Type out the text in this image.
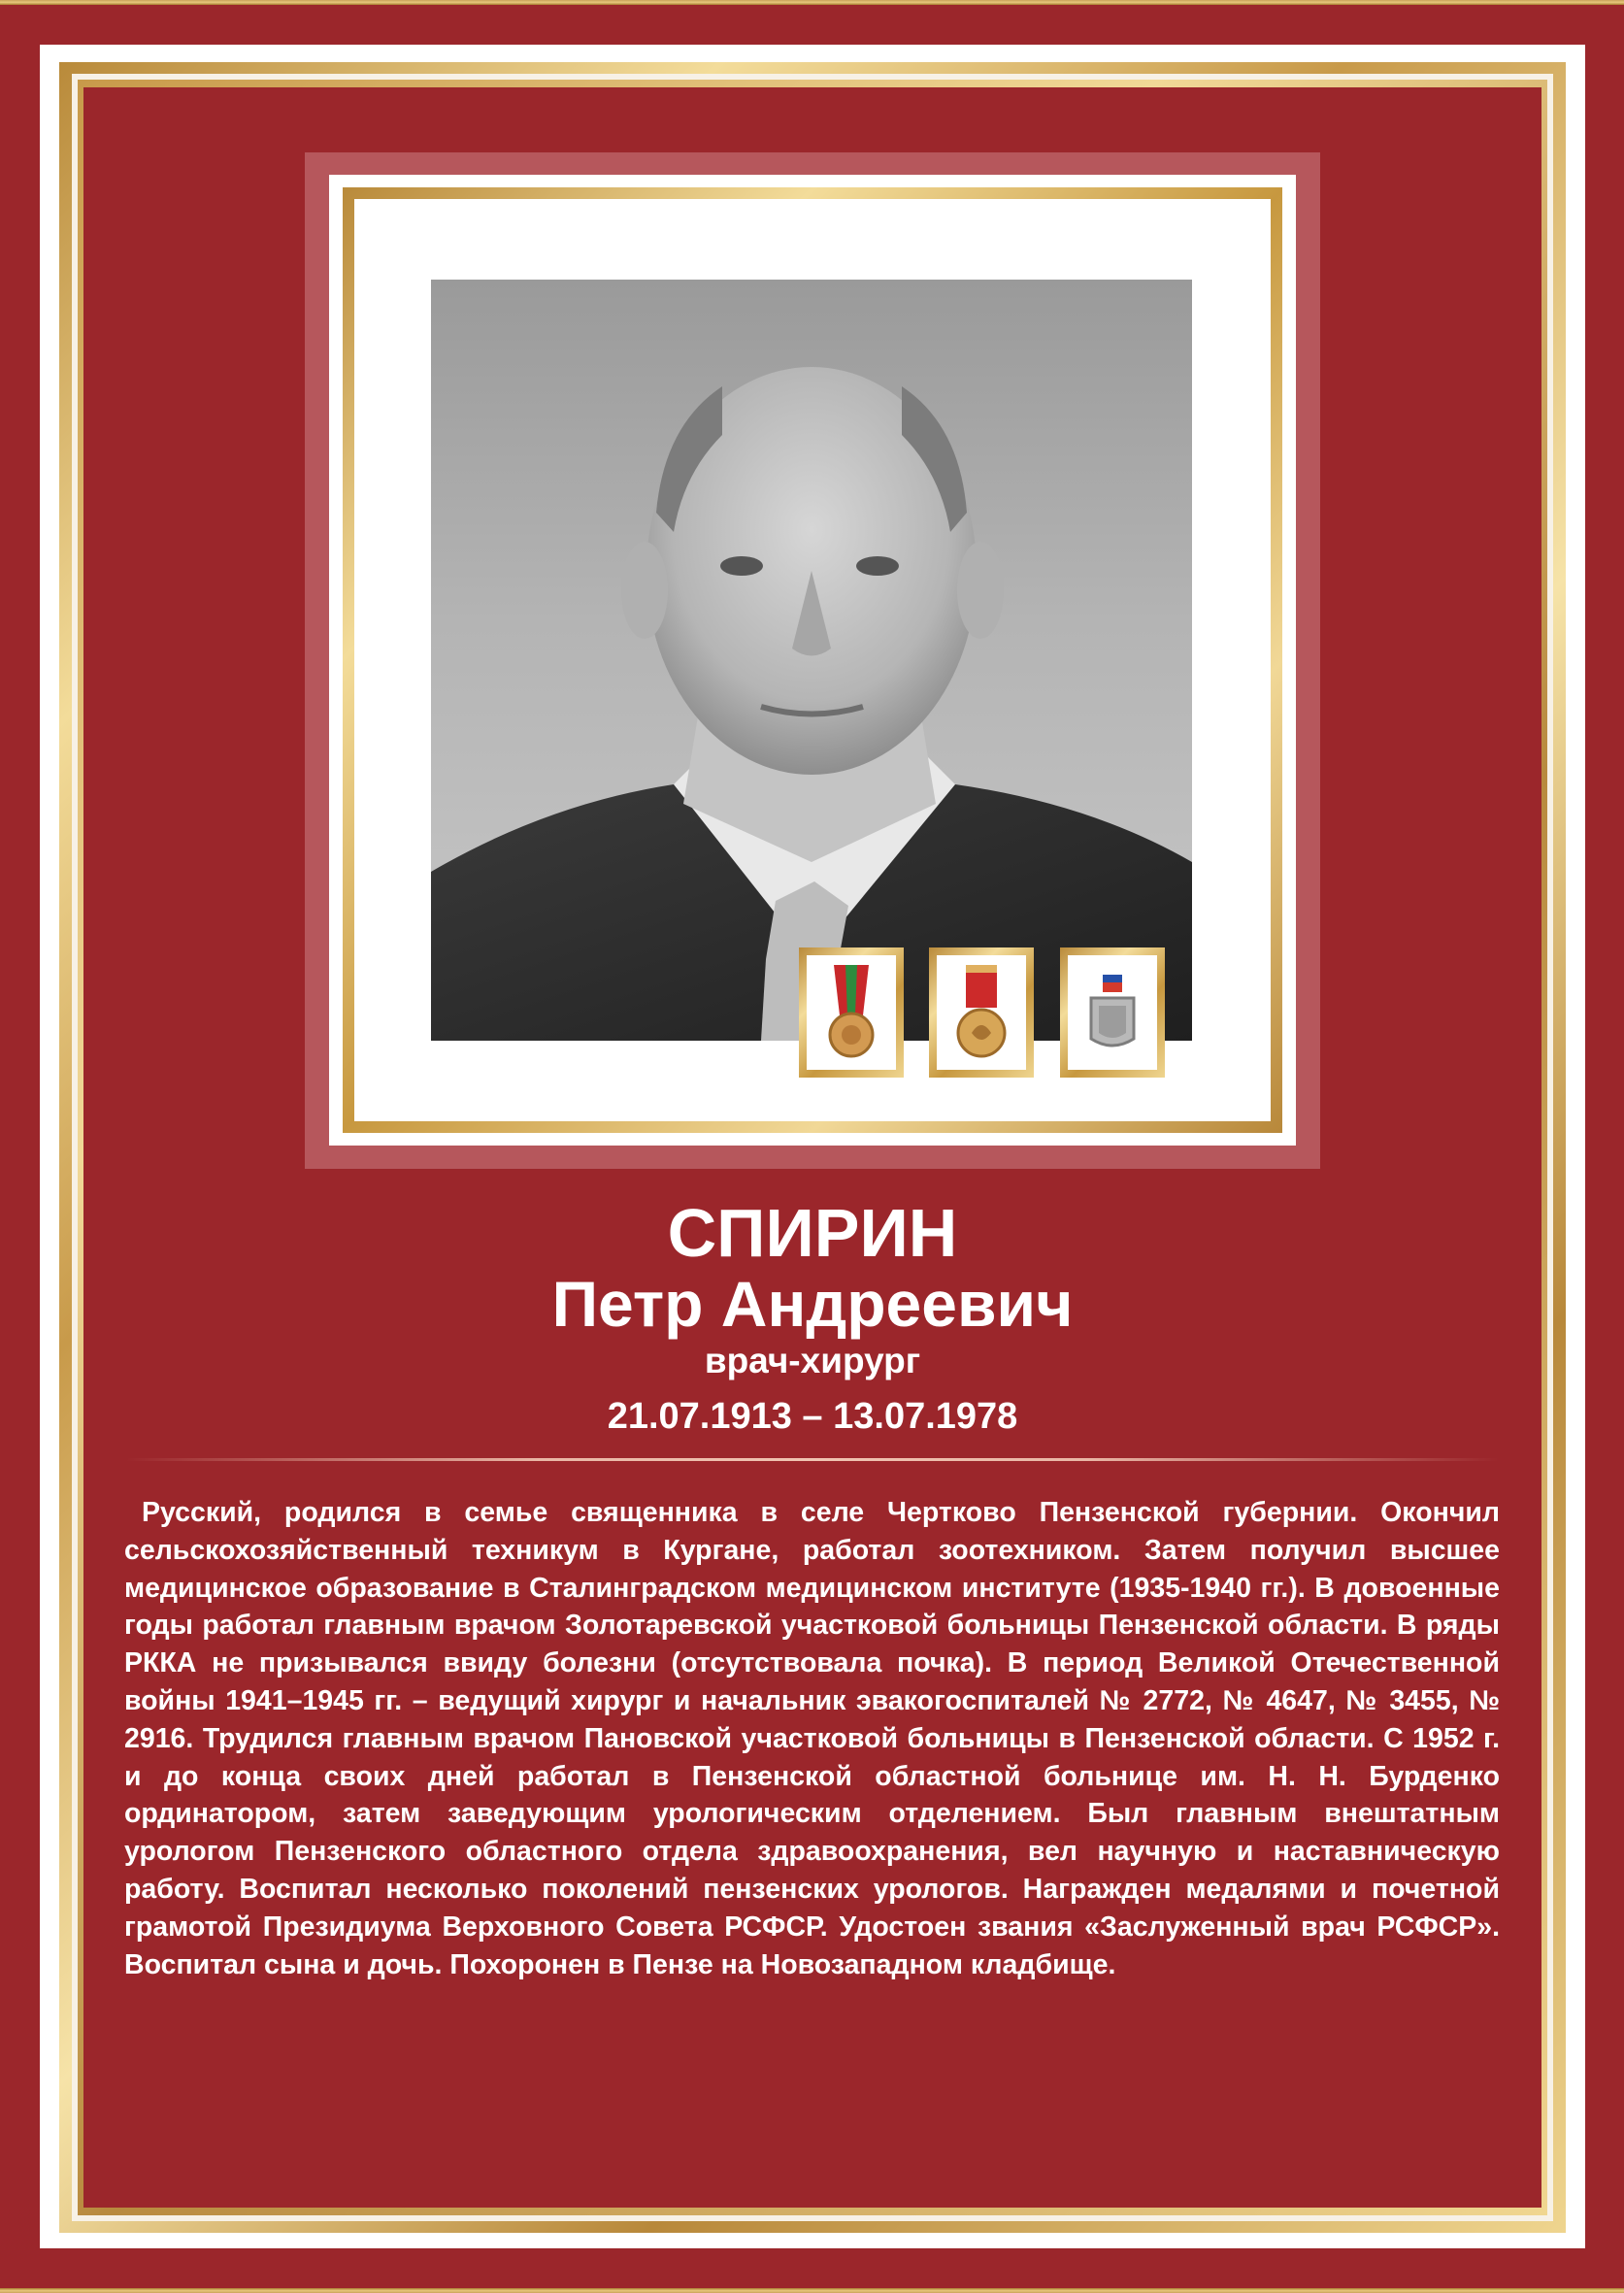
СПИРИН
Петр Андреевич
врач-хирург
21.07.1913 – 13.07.1978

Русский, родился в семье священника в селе Чертково Пензенской губернии. Окончил сельскохозяйственный техникум в Кургане, работал зоотехником. Затем получил высшее медицинское образование в Сталинградском медицинском институте (1935-1940 гг.). В довоенные годы работал главным врачом Золотаревской участковой больницы Пензенской области. В ряды РККА не призывался ввиду болезни (отсутствовала почка). В период Великой Отечественной войны 1941–1945 гг. – ведущий хирург и начальник эвакогоспиталей № 2772, № 4647, № 3455, № 2916. Трудился главным врачом Пановской участковой больницы в Пензенской области. С 1952 г. и до конца своих дней работал в Пензенской областной больнице им. Н. Н. Бурденко ординатором, затем заведующим урологическим отделением. Был главным внештатным урологом Пензенского областного отдела здравоохранения, вел научную и наставническую работу. Воспитал несколько поколений пензенских урологов. Награжден медалями и почетной грамотой Президиума Верховного Совета РСФСР. Удостоен звания «Заслуженный врач РСФСР». Воспитал сына и дочь. Похоронен в Пензе на Новозападном кладбище.
